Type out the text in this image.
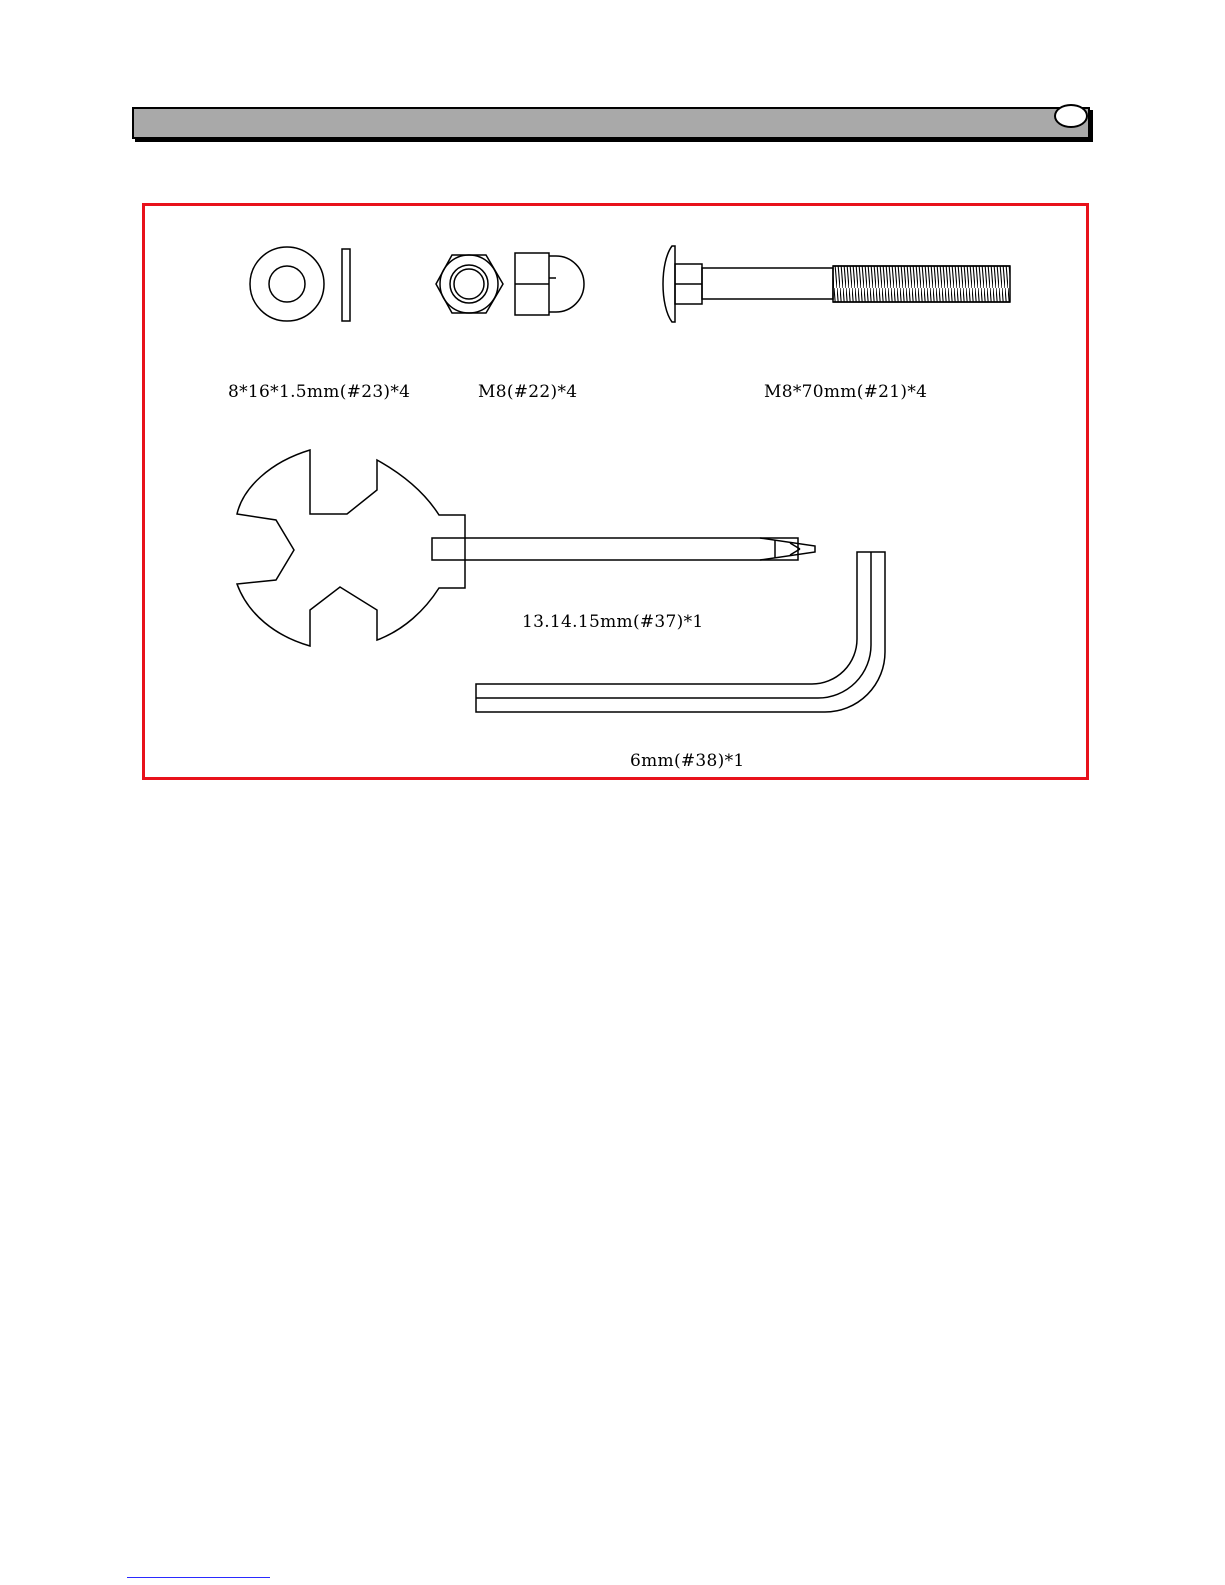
8*16*1.5mm(#23)*4	M8(#22)*4	M8*70mm(#21)*4
13.14.15mm(#37)*1
6mm(#38)*1
